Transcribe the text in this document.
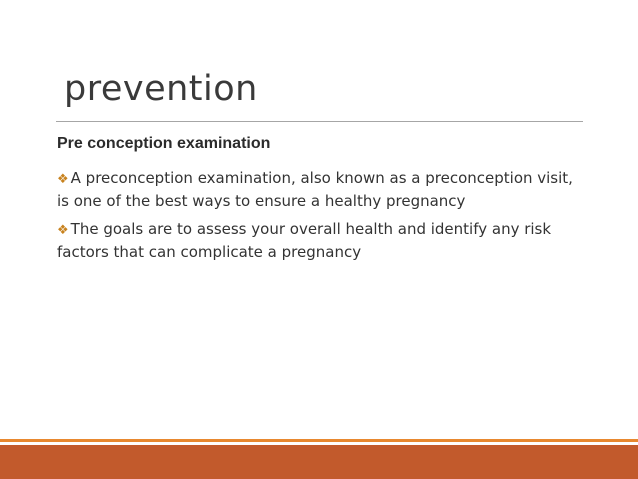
prevention
Pre conception examination
❖ A preconception examination, also known as a preconception visit, is one of the best ways to ensure a healthy pregnancy
❖ The goals are to assess your overall health and identify any risk factors that can complicate a pregnancy
